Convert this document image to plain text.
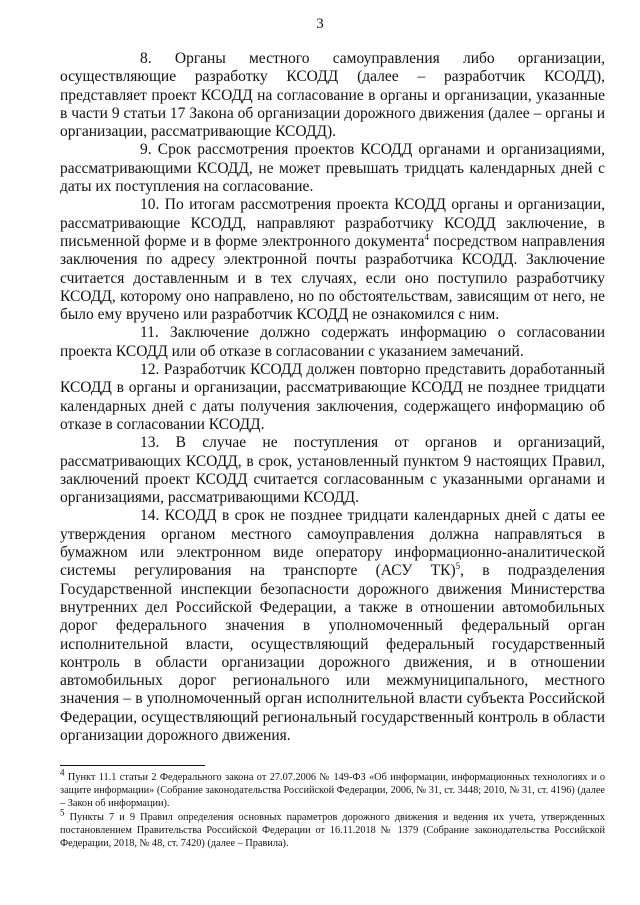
3

8. Органы местного самоуправления либо организации, осуществляющие разработку КСОДД (далее – разработчик КСОДД), представляет проект КСОДД на согласование в органы и организации, указанные в части 9 статьи 17 Закона об организации дорожного движения (далее – органы и организации, рассматривающие КСОДД).

9. Срок рассмотрения проектов КСОДД органами и организациями, рассматривающими КСОДД, не может превышать тридцать календарных дней с даты их поступления на согласование.

10. По итогам рассмотрения проекта КСОДД органы и организации, рассматривающие КСОДД, направляют разработчику КСОДД заключение, в письменной форме и в форме электронного документа$^4$ посредством направления заключения по адресу электронной почты разработчика КСОДД. Заключение считается доставленным и в тех случаях, если оно поступило разработчику КСОДД, которому оно направлено, но по обстоятельствам, зависящим от него, не было ему вручено или разработчик КСОДД не ознакомился с ним.

11. Заключение должно содержать информацию о согласовании проекта КСОДД или об отказе в согласовании с указанием замечаний.

12. Разработчик КСОДД должен повторно представить доработанный КСОДД в органы и организации, рассматривающие КСОДД не позднее тридцати календарных дней с даты получения заключения, содержащего информацию об отказе в согласовании КСОДД.

13. В случае не поступления от органов и организаций, рассматривающих КСОДД, в срок, установленный пунктом 9 настоящих Правил, заключений проект КСОДД считается согласованным с указанными органами и организациями, рассматривающими КСОДД.

14. КСОДД в срок не позднее тридцати календарных дней с даты ее утверждения органом местного самоуправления должна направляться в бумажном или электронном виде оператору информационно-аналитической системы регулирования на транспорте (АСУ ТК)$^5$, в подразделения Государственной инспекции безопасности дорожного движения Министерства внутренних дел Российской Федерации, а также в отношении автомобильных дорог федерального значения в уполномоченный федеральный орган исполнительной власти, осуществляющий федеральный государственный контроль в области организации дорожного движения, и в отношении автомобильных дорог регионального или межмуниципального, местного значения – в уполномоченный орган исполнительной власти субъекта Российской Федерации, осуществляющий региональный государственный контроль в области организации дорожного движения.

$^4$ Пункт 11.1 статьи 2 Федерального закона от 27.07.2006 № 149-ФЗ «Об информации, информационных технологиях и о защите информации» (Собрание законодательства Российской Федерации, 2006, № 31, ст. 3448; 2010, № 31, ст. 4196) (далее – Закон об информации).

$^5$ Пункты 7 и 9 Правил определения основных параметров дорожного движения и ведения их учета, утвержденных постановлением Правительства Российской Федерации от 16.11.2018 № 1379 (Собрание законодательства Российской Федерации, 2018, № 48, ст. 7420) (далее – Правила).
